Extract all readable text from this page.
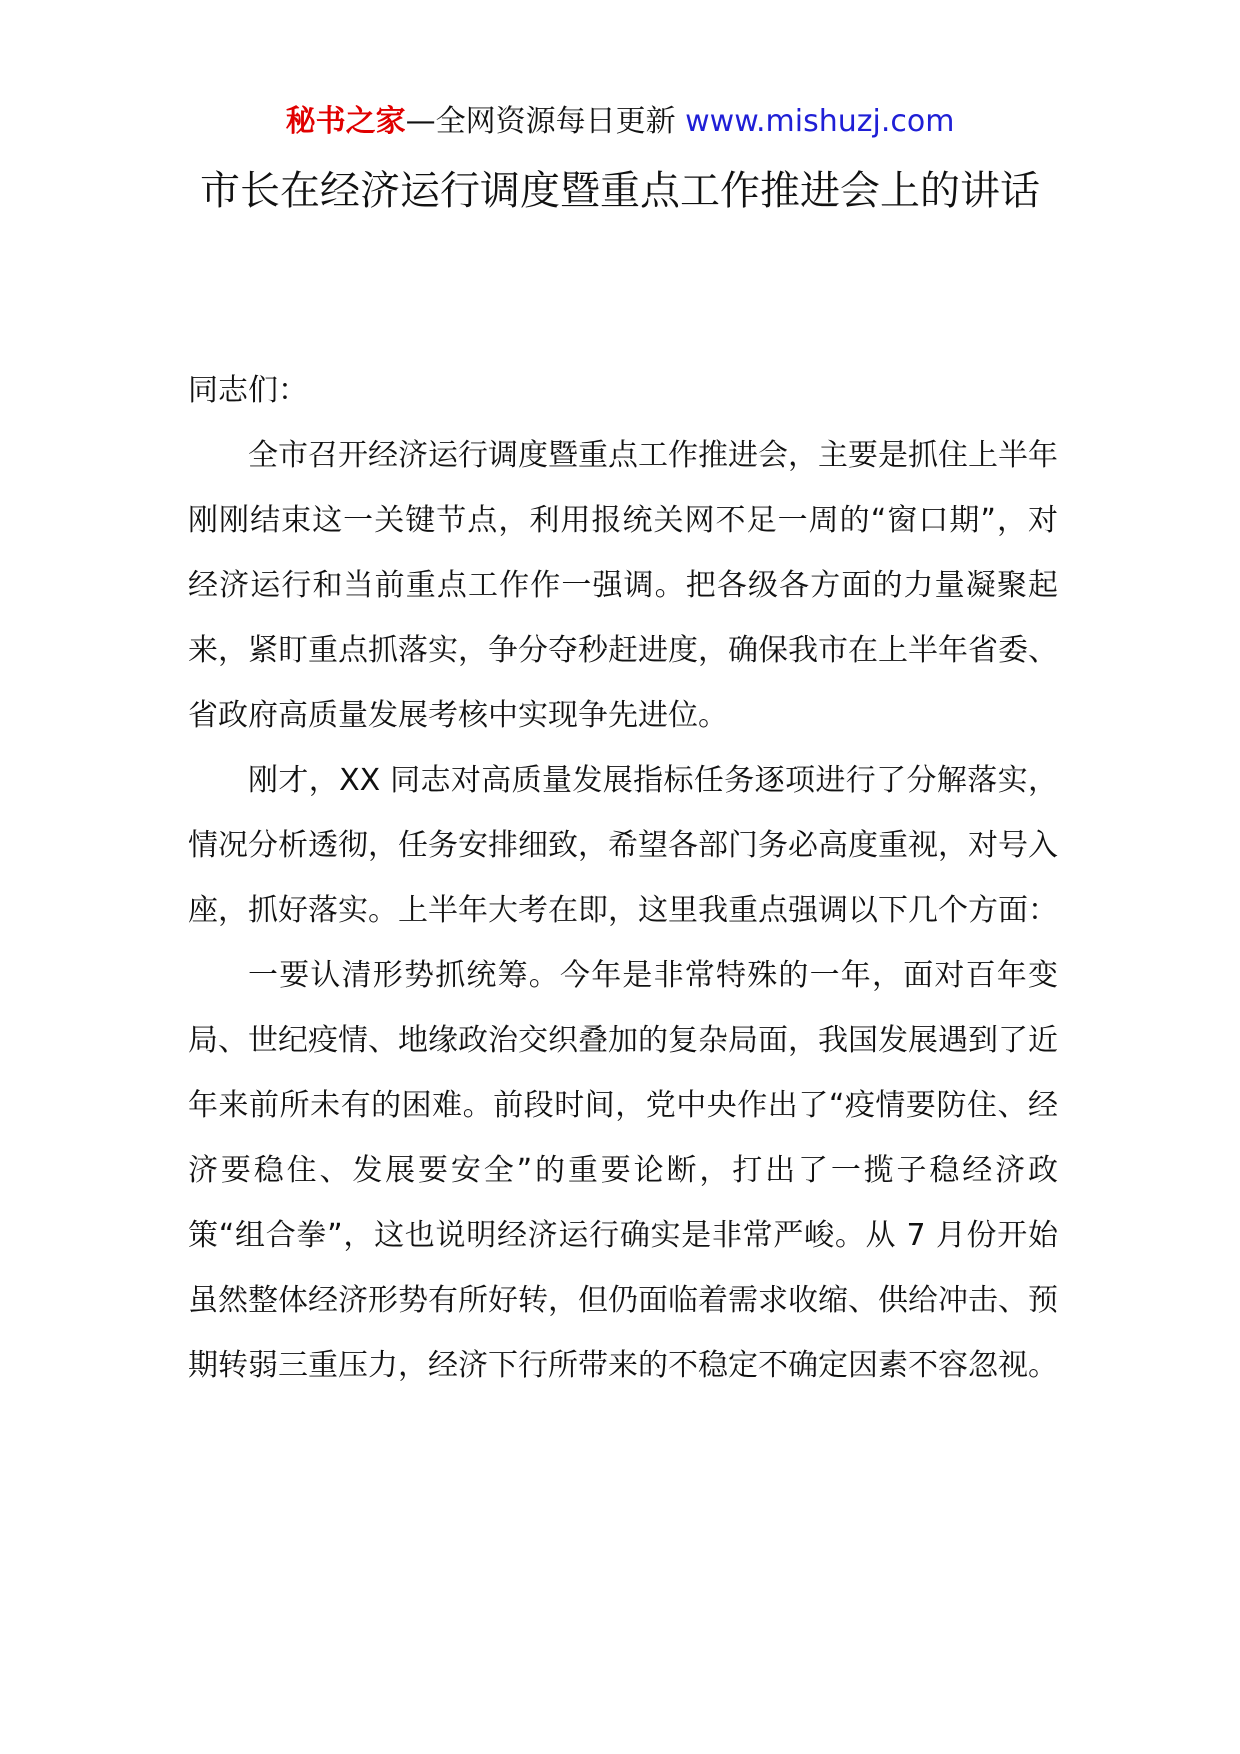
秘书之家—全网资源每日更新 www.mishuzj.com
市长在经济运行调度暨重点工作推进会上的讲话

同志们：

全市召开经济运行调度暨重点工作推进会，主要是抓住上半年刚刚结束这一关键节点，利用报统关网不足一周的“窗口期”，对经济运行和当前重点工作作一强调。把各级各方面的力量凝聚起来，紧盯重点抓落实，争分夺秒赶进度，确保我市在上半年省委、省政府高质量发展考核中实现争先进位。

刚才，XX 同志对高质量发展指标任务逐项进行了分解落实，情况分析透彻，任务安排细致，希望各部门务必高度重视，对号入座，抓好落实。上半年大考在即，这里我重点强调以下几个方面：

一要认清形势抓统筹。今年是非常特殊的一年，面对百年变局、世纪疫情、地缘政治交织叠加的复杂局面，我国发展遇到了近年来前所未有的困难。前段时间，党中央作出了“疫情要防住、经济要稳住、发展要安全”的重要论断，打出了一揽子稳经济政策“组合拳”，这也说明经济运行确实是非常严峻。从 7 月份开始虽然整体经济形势有所好转，但仍面临着需求收缩、供给冲击、预期转弱三重压力，经济下行所带来的不稳定不确定因素不容忽视。
